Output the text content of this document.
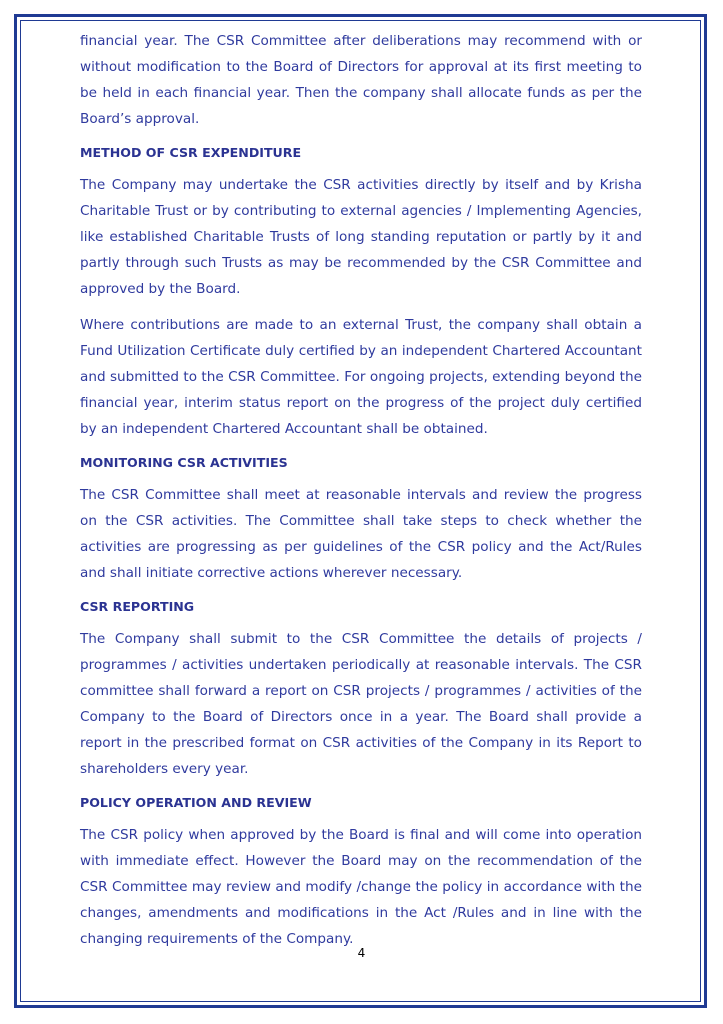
financial year. The CSR Committee after deliberations may recommend with or without modification to the Board of Directors for approval at its first meeting to be held in each financial year. Then the company shall allocate funds as per the Board’s approval.

METHOD OF CSR EXPENDITURE

The Company may undertake the CSR activities directly by itself and by Krisha Charitable Trust or by contributing to external agencies / Implementing Agencies, like established Charitable Trusts of long standing reputation or partly by it and partly through such Trusts as may be recommended by the CSR Committee and approved by the Board.

Where contributions are made to an external Trust, the company shall obtain a Fund Utilization Certificate duly certified by an independent Chartered Accountant and submitted to the CSR Committee. For ongoing projects, extending beyond the financial year, interim status report on the progress of the project duly certified by an independent Chartered Accountant shall be obtained.

MONITORING CSR ACTIVITIES

The CSR Committee shall meet at reasonable intervals and review the progress on the CSR activities. The Committee shall take steps to check whether the activities are progressing as per guidelines of the CSR policy and the Act/Rules and shall initiate corrective actions wherever necessary.

CSR REPORTING

The Company shall submit to the CSR Committee the details of projects / programmes / activities undertaken periodically at reasonable intervals. The CSR committee shall forward a report on CSR projects / programmes / activities of the Company to the Board of Directors once in a year. The Board shall provide a report in the prescribed format on CSR activities of the Company in its Report to shareholders every year.

POLICY OPERATION AND REVIEW

The CSR policy when approved by the Board is final and will come into operation with immediate effect. However the Board may on the recommendation of the CSR Committee may review and modify /change the policy in accordance with the changes, amendments and modifications in the Act /Rules and in line with the changing requirements of the Company.

4
